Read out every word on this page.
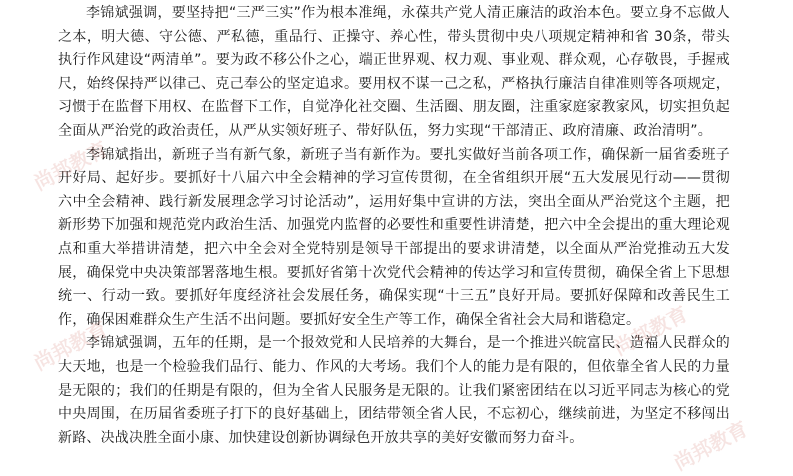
李锦斌强调，要坚持把“三严三实”作为根本准绳，永葆共产党人清正廉洁的政治本色。要立身不忘做人之本，明大德、守公德、严私德，重品行、正操守、养心性，带头贯彻中央八项规定精神和省 30条，带头执行作风建设“两清单”。要为政不移公仆之心，端正世界观、权力观、事业观、群众观，心存敬畏，手握戒尺，始终保持严以律己、克己奉公的坚定追求。要用权不谋一己之私，严格执行廉洁自律准则等各项规定，习惯于在监督下用权、在监督下工作，自觉净化社交圈、生活圈、朋友圈，注重家庭家教家风，切实担负起全面从严治党的政治责任，从严从实领好班子、带好队伍，努力实现“干部清正、政府清廉、政治清明”。

李锦斌指出，新班子当有新气象，新班子当有新作为。要扎实做好当前各项工作，确保新一届省委班子开好局、起好步。要抓好十八届六中全会精神的学习宣传贯彻，在全省组织开展“五大发展见行动——贯彻六中全会精神、践行新发展理念学习讨论活动”，运用好集中宣讲的方法，突出全面从严治党这个主题，把新形势下加强和规范党内政治生活、加强党内监督的必要性和重要性讲清楚，把六中全会提出的重大理论观点和重大举措讲清楚，把六中全会对全党特别是领导干部提出的要求讲清楚，以全面从严治党推动五大发展，确保党中央决策部署落地生根。要抓好省第十次党代会精神的传达学习和宣传贯彻，确保全省上下思想统一、行动一致。要抓好年度经济社会发展任务，确保实现“十三五”良好开局。要抓好保障和改善民生工作，确保困难群众生产生活不出问题。要抓好安全生产等工作，确保全省社会大局和谐稳定。

李锦斌强调，五年的任期，是一个报效党和人民培养的大舞台，是一个推进兴皖富民、造福人民群众的大天地，也是一个检验我们品行、能力、作风的大考场。我们个人的能力是有限的，但依靠全省人民的力量是无限的；我们的任期是有限的，但为全省人民服务是无限的。让我们紧密团结在以习近平同志为核心的党中央周围，在历届省委班子打下的良好基础上，团结带领全省人民，不忘初心，继续前进，为坚定不移闯出新路、决战决胜全面小康、加快建设创新协调绿色开放共享的美好安徽而努力奋斗。

尚邦教育
尚邦教育	尚邦教育
尚邦教育
